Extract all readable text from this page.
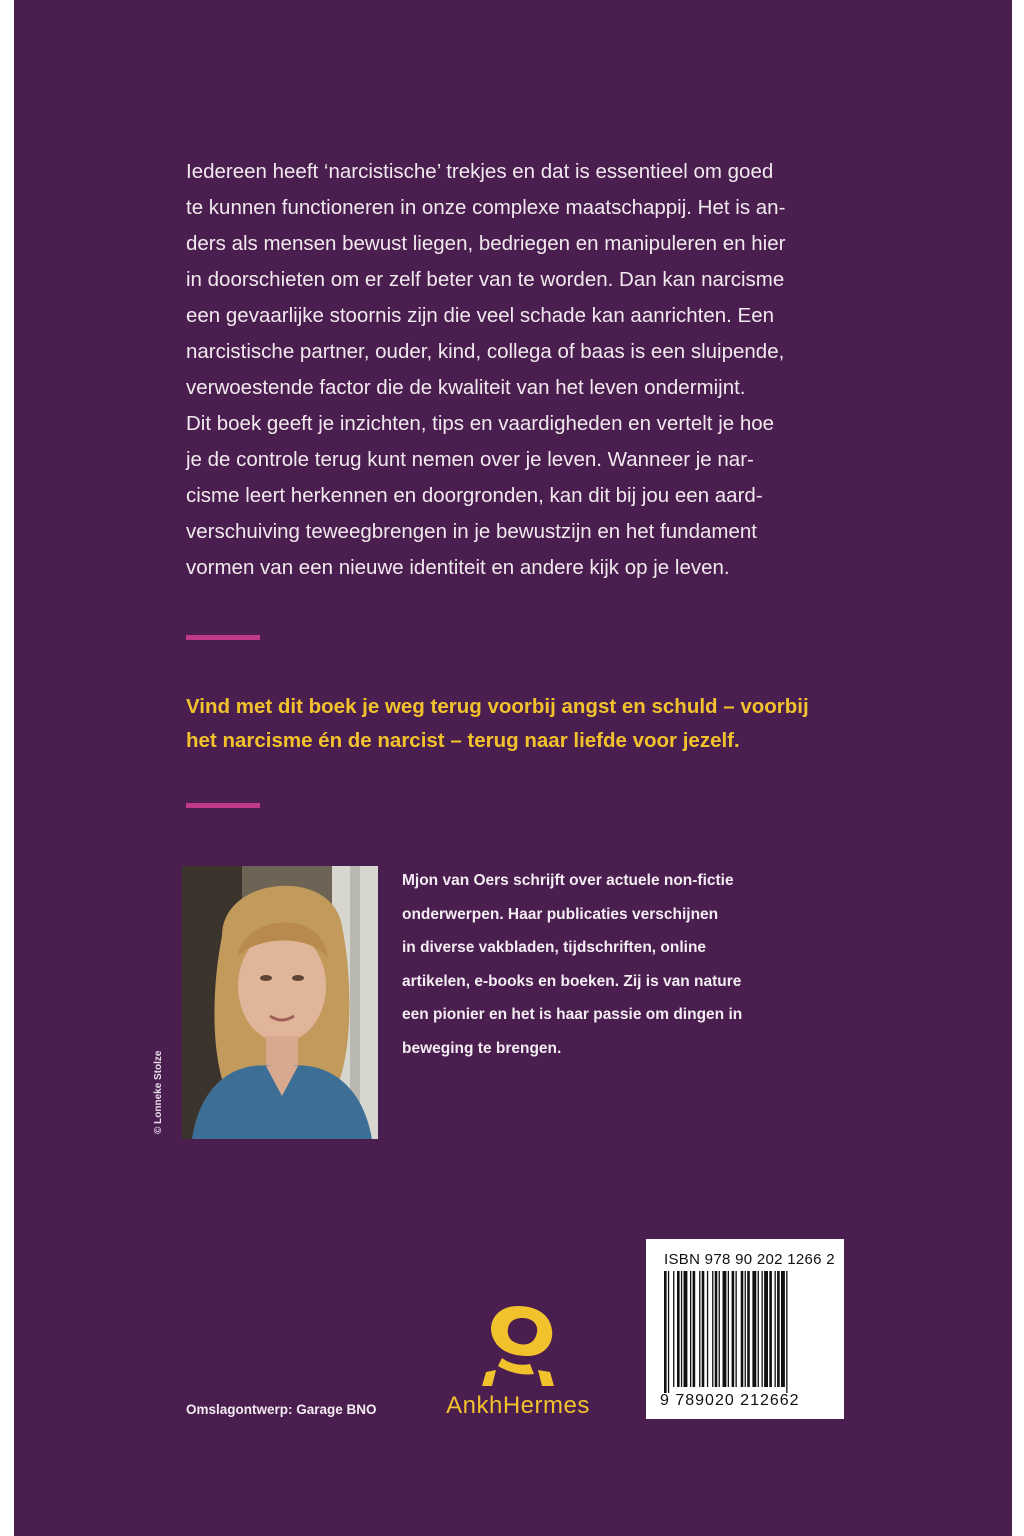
Iedereen heeft ‘narcistische’ trekjes en dat is essentieel om goed
te kunnen functioneren in onze complexe maatschappij. Het is an-
ders als mensen bewust liegen, bedriegen en manipuleren en hier
in doorschieten om er zelf beter van te worden. Dan kan narcisme
een gevaarlijke stoornis zijn die veel schade kan aanrichten. Een
narcistische partner, ouder, kind, collega of baas is een sluipende,
verwoestende factor die de kwaliteit van het leven ondermijnt.
Dit boek geeft je inzichten, tips en vaardigheden en vertelt je hoe
je de controle terug kunt nemen over je leven. Wanneer je nar-
cisme leert herkennen en doorgronden, kan dit bij jou een aard-
verschuiving teweegbrengen in je bewustzijn en het fundament
vormen van een nieuwe identiteit en andere kijk op je leven.

Vind met dit boek je weg terug voorbij angst en schuld – voorbij
het narcisme én de narcist – terug naar liefde voor jezelf.

© Lonneke Stolze

Mjon van Oers schrijft over actuele non-fictie
onderwerpen. Haar publicaties verschijnen
in diverse vakbladen, tijdschriften, online
artikelen, e-books en boeken. Zij is van nature
een pionier en het is haar passie om dingen in
beweging te brengen.

Omslagontwerp: Garage BNO	AnkhHermes
ISBN 978 90 202 1266 2
9 789020 212662
